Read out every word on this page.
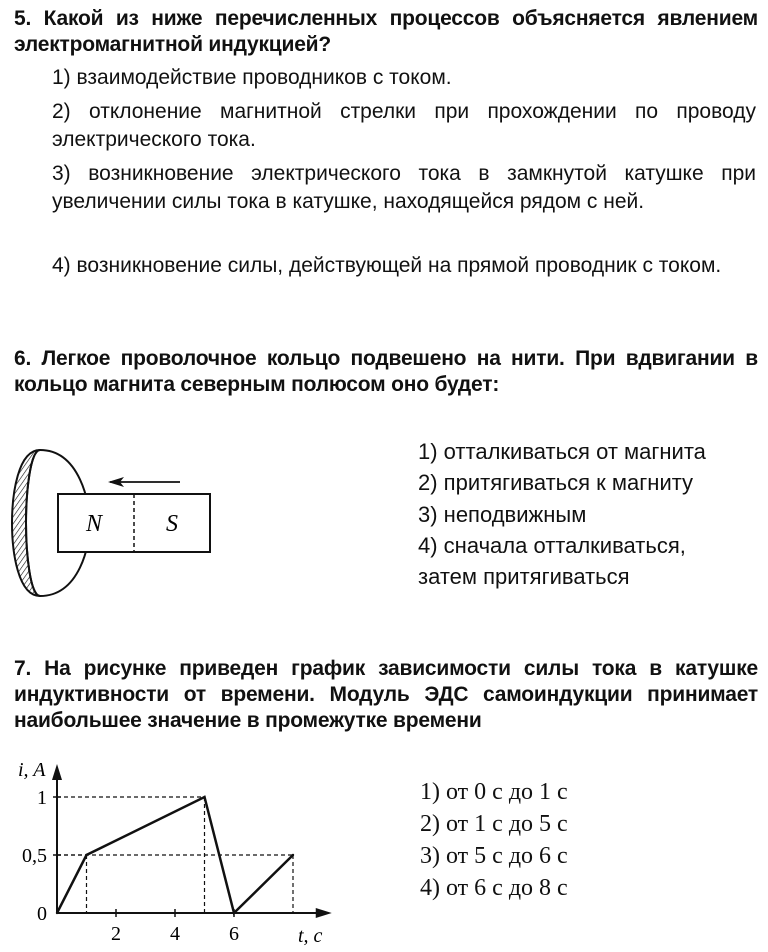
5. Какой из ниже перечисленных процессов объясняется явлением электромагнитной индукцией?
1) взаимодействие проводников с током.
2) отклонение магнитной стрелки при прохождении по проводу электрического тока.
3) возникновение электрического тока в замкнутой катушке при увеличении силы тока в катушке, находящейся рядом с ней.
4) возникновение силы, действующей на прямой проводник с током.
6. Легкое проволочное кольцо подвешено на нити. При вдвигании в кольцо магнита северным полюсом оно будет:
N	S
1) отталкиваться от магнита
2) притягиваться к магниту
3) неподвижным
4) сначала отталкиваться,
затем притягиваться
7. На рисунке приведен график зависимости силы тока в катушке индуктивности от времени. Модуль ЭДС самоиндукции принимает наибольшее значение в промежутке времени
2 4 6
0
0,5
1
i, A
t, c
1) от 0 с до 1 с
2) от 1 с до 5 с
3) от 5 с до 6 с
4) от 6 с до 8 с
